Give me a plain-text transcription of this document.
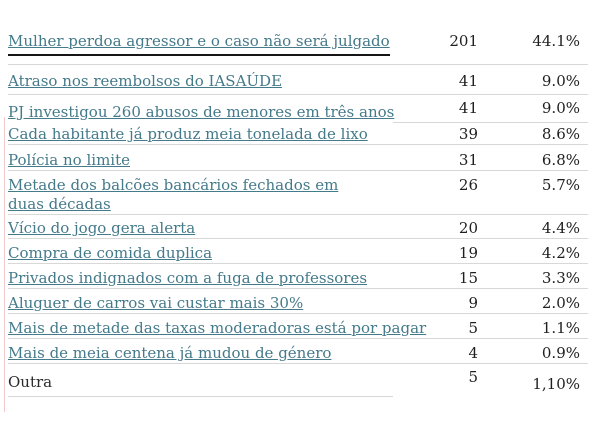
Mulher perdoa agressor e o caso não será julgado	201	44.1%
Atraso nos reembolsos do IASAÚDE	41	9.0%
PJ investigou 260 abusos de menores em três anos	41	9.0%
Cada habitante já produz meia tonelada de lixo	39	8.6%
Polícia no limite	31	6.8%

Metade dos balcões bancários fechados em duas décadas	26	5.7%
Vício do jogo gera alerta	20	4.4%
Compra de comida duplica	19	4.2%
Privados indignados com a fuga de professores	15	3.3%
Aluguer de carros vai custar mais 30%	9	2.0%
Mais de metade das taxas moderadoras está por pagar	5	1.1%
Mais de meia centena já mudou de género	4	0.9%
Outra	5	1,10%
